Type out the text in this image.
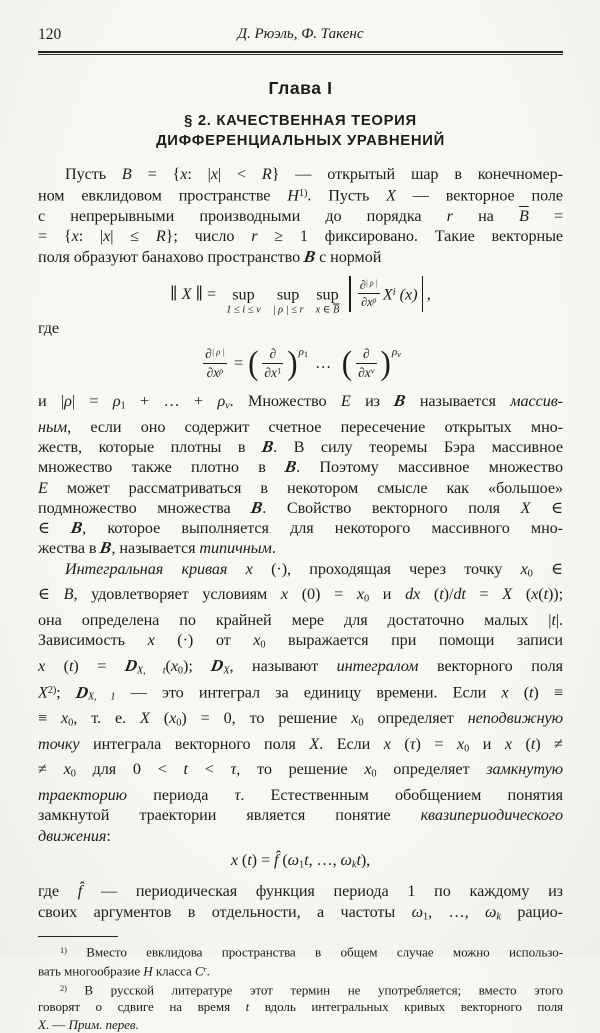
120	Д. Рюэль, Ф. Такенс
Глава I
§ 2. КАЧЕСТВЕННАЯ ТЕОРИЯ
ДИФФЕРЕНЦИАЛЬНЫХ УРАВНЕНИЙ
Пусть B = {x: |x| < R} — открытый шар в конечномер-
ном евклидовом пространстве $H^{1)}$. Пусть X — векторное поле
с непрерывными производными до порядка r на $\overline{B}$ =
= {x: |x| ≤ R}; число r ≥ 1 фиксировано. Такие векторные
поля образуют банахово пространство B с нормой
∥ X ∥ = sup
1 ≤ i ≤ ν
sup
| ρ | ≤ r
sup
x ∈ $\overline{B}$
$\frac{\partial^{| \rho |}}{\partial x^\rho} X^i$ (x) ,
где
$\frac{\partial^{| \rho |}}{\partial x^\rho}$ = ( $\frac{\partial}{\partial x^1}$ ) ρ1 … ( $\frac{\partial}{\partial x^\nu}$ ) ρν
и |ρ| = ρ1 + … + ρν. Множество E из B называется массив-
ным, если оно содержит счетное пересечение открытых мно-
жеств, которые плотны в B. В силу теоремы Бэра массивное
множество также плотно в B. Поэтому массивное множество
E может рассматриваться в некотором смысле как «большое»
подмножество множества B. Свойство векторного поля X ∈
∈ B, которое выполняется для некоторого массивного мно-
жества в B, называется типичным.
Интегральная кривая x (·), проходящая через точку x0 ∈
∈ B, удовлетворяет условиям x (0) = x0 и dx (t)/dt = X (x(t));
она определена по крайней мере для достаточно малых |t|.
Зависимость x (·) от x0 выражается при помощи записи
x (t) = DX, t(x0); DX, называют интегралом векторного поля
$X^{2)}$; DX, 1 — это интеграл за единицу времени. Если x (t) ≡
≡ x0, т. е. X (x0) = 0, то решение x0 определяет неподвижную
точку интеграла векторного поля X. Если x (τ) = x0 и x (t) ≠
≠ x0 для 0 < t < τ, то решение x0 определяет замкнутую
траекторию периода τ. Естественным обобщением понятия
замкнутой траектории является понятие квазипериодического
движения:
x (t) = f̂ (ω1t, …, ωkt),
где f̂ — периодическая функция периода 1 по каждому из
своих аргументов в отдельности, а частоты ω1, …, ωk рацио-
$^{1)}$ Вместо евклидова пространства в общем случае можно использо-
вать многообразие H класса $C^r$.
$^{2)}$ В русской литературе этот термин не употребляется; вместо этого
говорят о сдвиге на время t вдоль интегральных кривых векторного поля
X. — Прим. перев.
